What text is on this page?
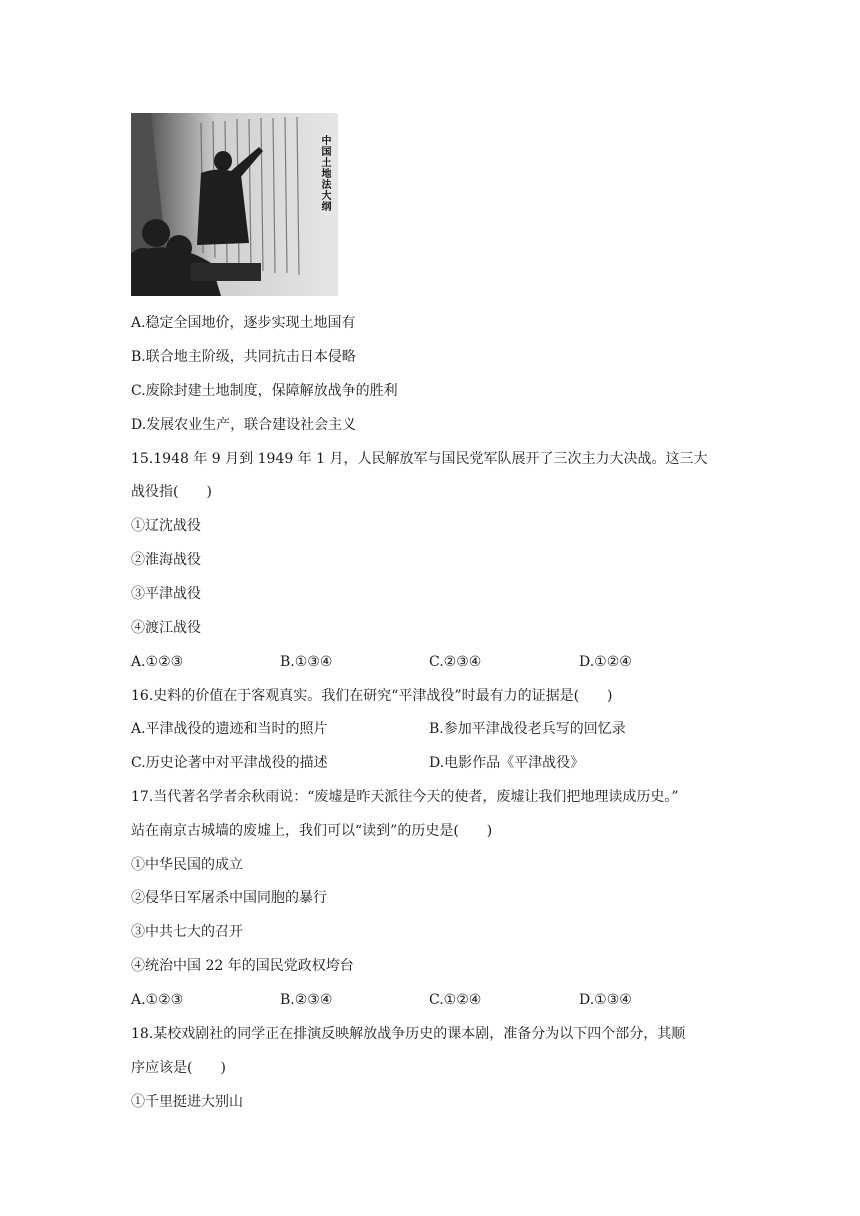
中国土地法大纲
A.稳定全国地价，逐步实现土地国有
B.联合地主阶级，共同抗击日本侵略
C.废除封建土地制度，保障解放战争的胜利
D.发展农业生产，联合建设社会主义
15.1948 年 9 月到 1949 年 1 月，人民解放军与国民党军队展开了三次主力大决战。这三大
战役指(　　)
①辽沈战役
②淮海战役
③平津战役
④渡江战役
A.①②③	B.①③④	C.②③④	D.①②④
16.史料的价值在于客观真实。我们在研究“平津战役”时最有力的证据是(　　)
A.平津战役的遗迹和当时的照片	B.参加平津战役老兵写的回忆录
C.历史论著中对平津战役的描述	D.电影作品《平津战役》
17.当代著名学者余秋雨说：“废墟是昨天派往今天的使者，废墟让我们把地理读成历史。”
站在南京古城墙的废墟上，我们可以“读到”的历史是(　　)
①中华民国的成立
②侵华日军屠杀中国同胞的暴行
③中共七大的召开
④统治中国 22 年的国民党政权垮台
A.①②③	B.②③④	C.①②④	D.①③④
18.某校戏剧社的同学正在排演反映解放战争历史的课本剧，准备分为以下四个部分，其顺
序应该是(　　)
①千里挺进大别山
